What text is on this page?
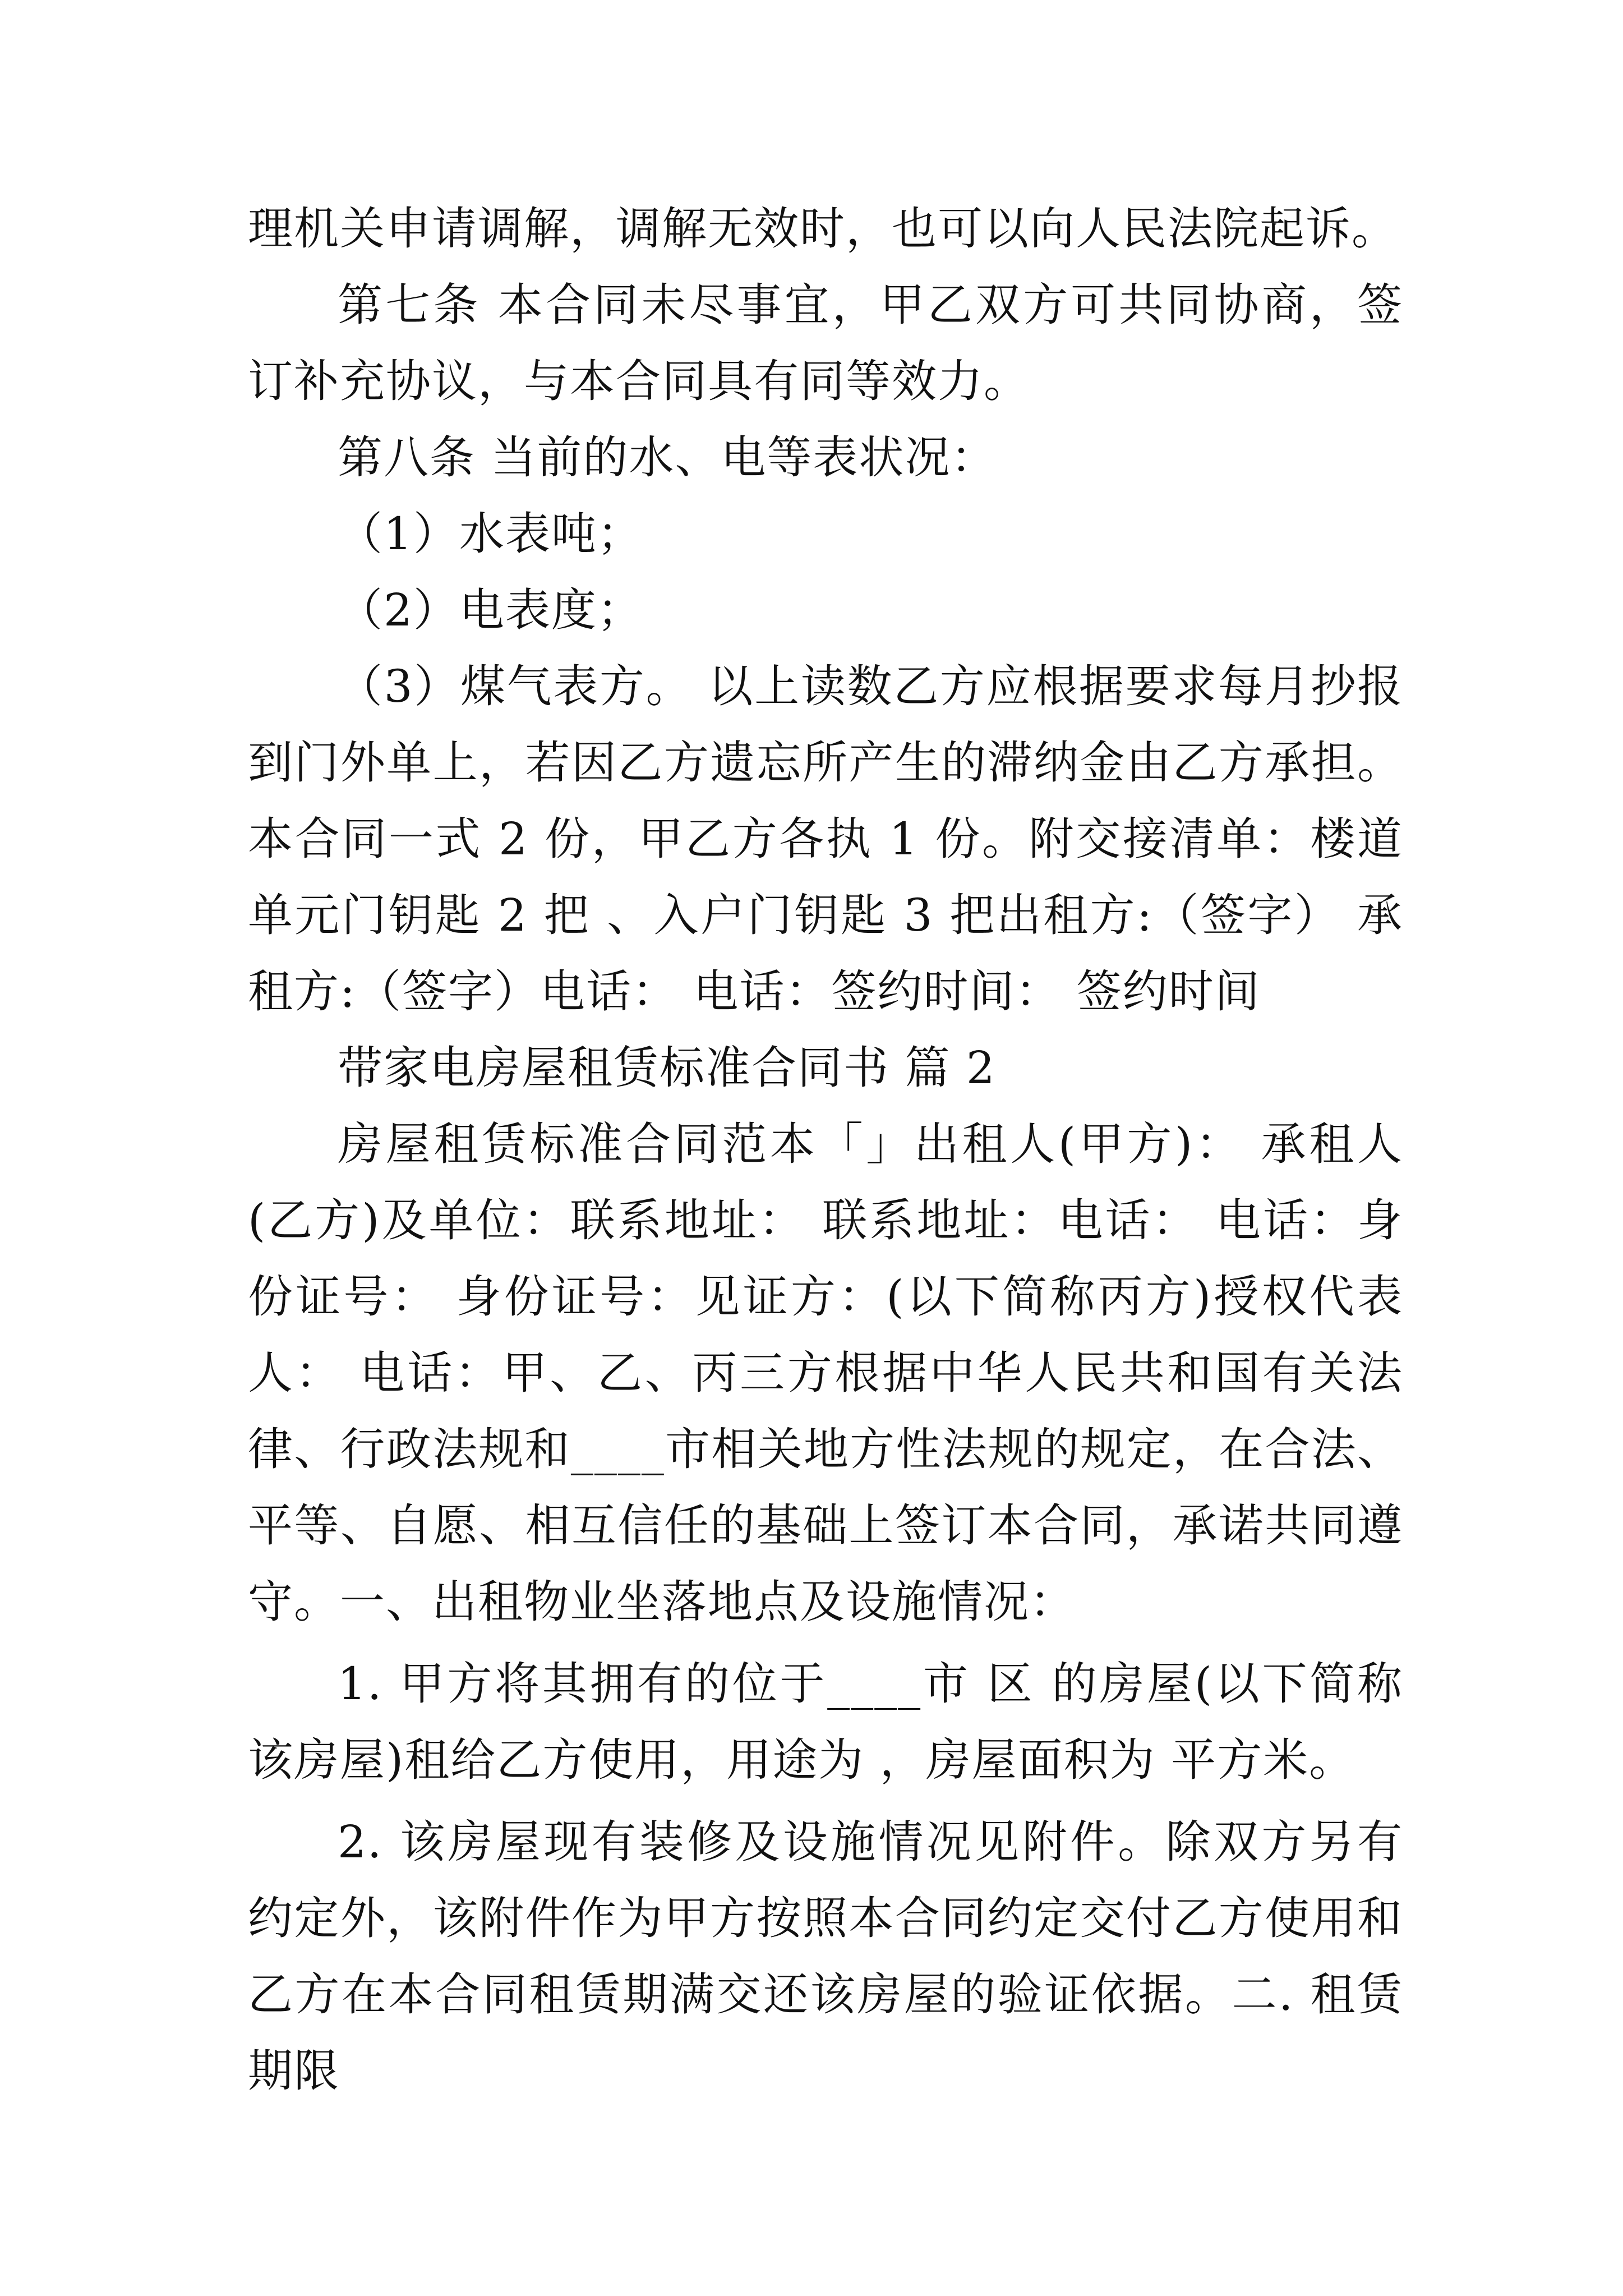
理机关申请调解，调解无效时，也可以向人民法院起诉。

第七条 本合同未尽事宜，甲乙双方可共同协商，签订补充协议，与本合同具有同等效力。

第八条 当前的水、电等表状况：

（1）水表吨；

（2）电表度；

（3）煤气表方。 以上读数乙方应根据要求每月抄报到门外单上，若因乙方遗忘所产生的滞纳金由乙方承担。本合同一式 2 份，甲乙方各执 1 份。附交接清单：楼道单元门钥匙 2 把 、入户门钥匙 3 把出租方:（签字） 承租方:（签字）电话： 电话：签约时间： 签约时间

带家电房屋租赁标准合同书 篇 2

房屋租赁标准合同范本「」出租人(甲方)： 承租人(乙方)及单位：联系地址： 联系地址：电话： 电话：身份证号： 身份证号：见证方：(以下简称丙方)授权代表人： 电话：甲、乙、丙三方根据中华人民共和国有关法律、行政法规和____市相关地方性法规的规定，在合法、平等、自愿、相互信任的基础上签订本合同，承诺共同遵守。一、出租物业坐落地点及设施情况：

1. 甲方将其拥有的位于____市 区 的房屋(以下简称该房屋)租给乙方使用，用途为 ，房屋面积为 平方米。

2. 该房屋现有装修及设施情况见附件。除双方另有约定外，该附件作为甲方按照本合同约定交付乙方使用和乙方在本合同租赁期满交还该房屋的验证依据。二. 租赁期限
